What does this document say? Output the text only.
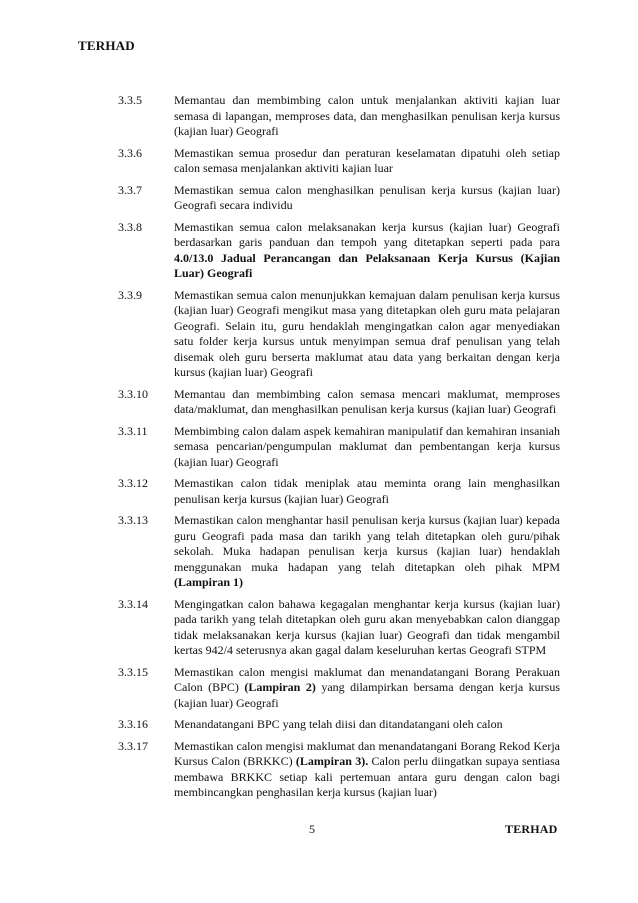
TERHAD
3.3.5	Memantau dan membimbing calon untuk menjalankan aktiviti kajian luar semasa di lapangan, memproses data, dan menghasilkan penulisan kerja kursus (kajian luar) Geografi
3.3.6	Memastikan semua prosedur dan peraturan keselamatan dipatuhi oleh setiap calon semasa menjalankan aktiviti kajian luar
3.3.7	Memastikan semua calon menghasilkan penulisan kerja kursus (kajian luar) Geografi secara individu
3.3.8	Memastikan semua calon melaksanakan kerja kursus (kajian luar) Geografi berdasarkan garis panduan dan tempoh yang ditetapkan seperti pada para 4.0/13.0 Jadual Perancangan dan Pelaksanaan Kerja Kursus (Kajian Luar) Geografi
3.3.9	Memastikan semua calon menunjukkan kemajuan dalam penulisan kerja kursus (kajian luar) Geografi mengikut masa yang ditetapkan oleh guru mata pelajaran Geografi. Selain itu, guru hendaklah mengingatkan calon agar menyediakan satu folder kerja kursus untuk menyimpan semua draf penulisan yang telah disemak oleh guru berserta maklumat atau data yang berkaitan dengan kerja kursus (kajian luar) Geografi
3.3.10	Memantau dan membimbing calon semasa mencari maklumat, memproses data/maklumat, dan menghasilkan penulisan kerja kursus (kajian luar) Geografi
3.3.11	Membimbing calon dalam aspek kemahiran manipulatif dan kemahiran insaniah semasa pencarian/pengumpulan maklumat dan pembentangan kerja kursus (kajian luar) Geografi
3.3.12	Memastikan calon tidak meniplak atau meminta orang lain menghasilkan penulisan kerja kursus (kajian luar) Geografi
3.3.13	Memastikan calon menghantar hasil penulisan kerja kursus (kajian luar) kepada guru Geografi pada masa dan tarikh yang telah ditetapkan oleh guru/pihak sekolah. Muka hadapan penulisan kerja kursus (kajian luar) hendaklah menggunakan muka hadapan yang telah ditetapkan oleh pihak MPM (Lampiran 1)
3.3.14	Mengingatkan calon bahawa kegagalan menghantar kerja kursus (kajian luar) pada tarikh yang telah ditetapkan oleh guru akan menyebabkan calon dianggap tidak melaksanakan kerja kursus (kajian luar) Geografi dan tidak mengambil kertas 942/4 seterusnya akan gagal dalam keseluruhan kertas Geografi STPM
3.3.15	Memastikan calon mengisi maklumat dan menandatangani Borang Perakuan Calon (BPC) (Lampiran 2) yang dilampirkan bersama dengan kerja kursus (kajian luar) Geografi
3.3.16	Menandatangani BPC yang telah diisi dan ditandatangani oleh calon
3.3.17	Memastikan calon mengisi maklumat dan menandatangani Borang Rekod Kerja Kursus Calon (BRKKC) (Lampiran 3). Calon perlu diingatkan supaya sentiasa membawa BRKKC setiap kali pertemuan antara guru dengan calon bagi membincangkan penghasilan kerja kursus (kajian luar)
5	TERHAD
